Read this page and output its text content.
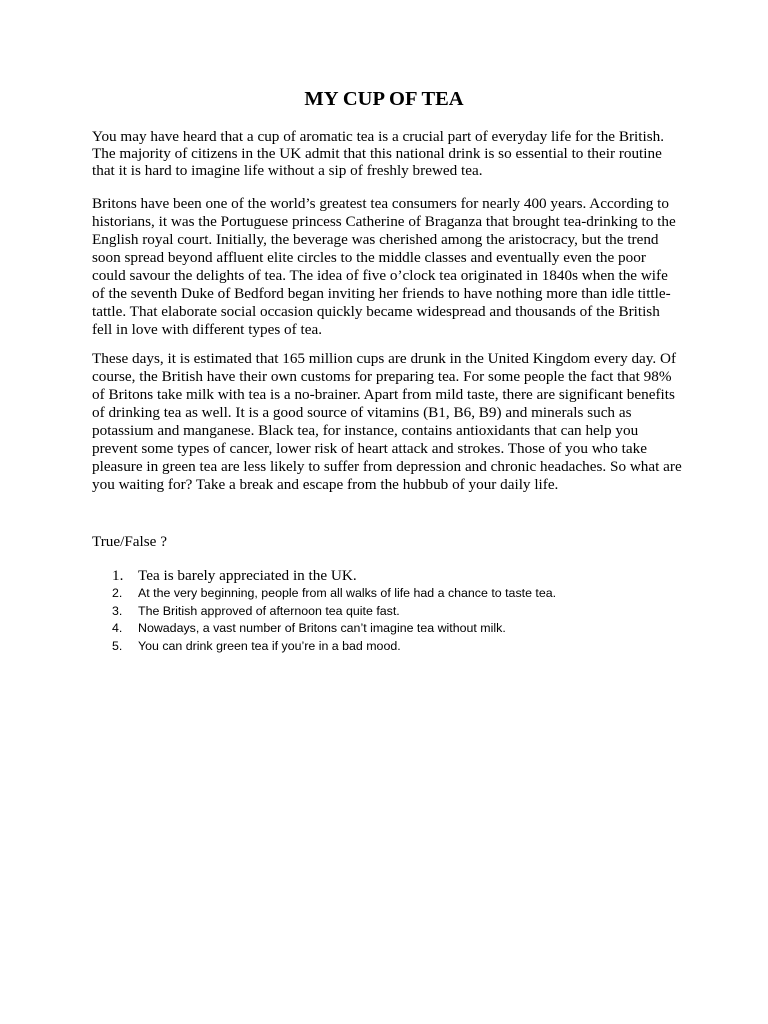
MY CUP OF TEA

You may have heard that a cup of aromatic tea is a crucial part of everyday life for the British. The majority of citizens in the UK admit that this national drink is so essential to their routine that it is hard to imagine life without a sip of freshly brewed tea.

Britons have been one of the world’s greatest tea consumers for nearly 400 years. According to historians, it was the Portuguese princess Catherine of Braganza that brought tea-drinking to the English royal court. Initially, the beverage was cherished among the aristocracy, but the trend soon spread beyond affluent elite circles to the middle classes and eventually even the poor could savour the delights of tea. The idea of five o’clock tea originated in 1840s when the wife of the seventh Duke of Bedford began inviting her friends to have nothing more than idle tittle-tattle. That elaborate social occasion quickly became widespread and thousands of the British fell in love with different types of tea.

These days, it is estimated that 165 million cups are drunk in the United Kingdom every day. Of course, the British have their own customs for preparing tea. For some people the fact that 98% of Britons take milk with tea is a no-brainer. Apart from mild taste, there are significant benefits of drinking tea as well. It is a good source of vitamins (B1, B6, B9) and minerals such as potassium and manganese. Black tea, for instance, contains antioxidants that can help you prevent some types of cancer, lower risk of heart attack and strokes. Those of you who take pleasure in green tea are less likely to suffer from depression and chronic headaches. So what are you waiting for? Take a break and escape from the hubbub of your daily life.

True/False ?

1. Tea is barely appreciated in the UK.
2.	At the very beginning, people from all walks of life had a chance to taste tea.
3.	The British approved of afternoon tea quite fast.
4.	Nowadays, a vast number of Britons can’t imagine tea without milk.
5.	You can drink green tea if you’re in a bad mood.
